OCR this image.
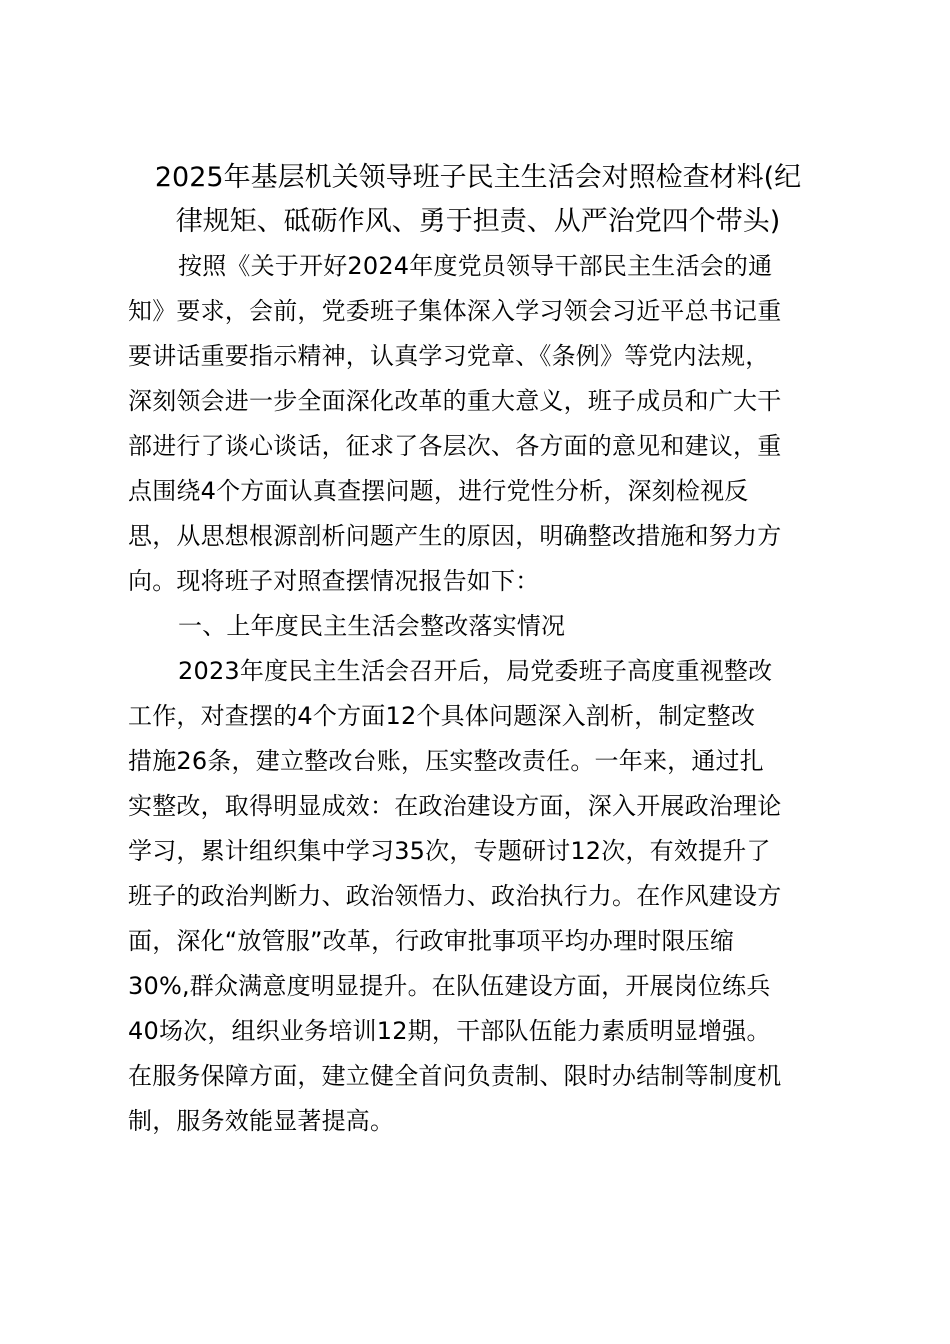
2025年基层机关领导班子民主生活会对照检查材料(纪
律规矩、砥砺作风、勇于担责、从严治党四个带头)
按照《关于开好2024年度党员领导干部民主生活会的通
知》要求，会前，党委班子集体深入学习领会习近平总书记重
要讲话重要指示精神，认真学习党章、《条例》等党内法规，
深刻领会进一步全面深化改革的重大意义，班子成员和广大干
部进行了谈心谈话，征求了各层次、各方面的意见和建议，重
点围绕4个方面认真查摆问题，进行党性分析，深刻检视反
思，从思想根源剖析问题产生的原因，明确整改措施和努力方
向。现将班子对照查摆情况报告如下：
一、上年度民主生活会整改落实情况
2023年度民主生活会召开后，局党委班子高度重视整改
工作，对查摆的4个方面12个具体问题深入剖析，制定整改
措施26条，建立整改台账，压实整改责任。一年来，通过扎
实整改，取得明显成效：在政治建设方面，深入开展政治理论
学习，累计组织集中学习35次，专题研讨12次，有效提升了
班子的政治判断力、政治领悟力、政治执行力。在作风建设方
面，深化“放管服”改革，行政审批事项平均办理时限压缩
30%,群众满意度明显提升。在队伍建设方面，开展岗位练兵
40场次，组织业务培训12期，干部队伍能力素质明显增强。
在服务保障方面，建立健全首问负责制、限时办结制等制度机
制，服务效能显著提高。
